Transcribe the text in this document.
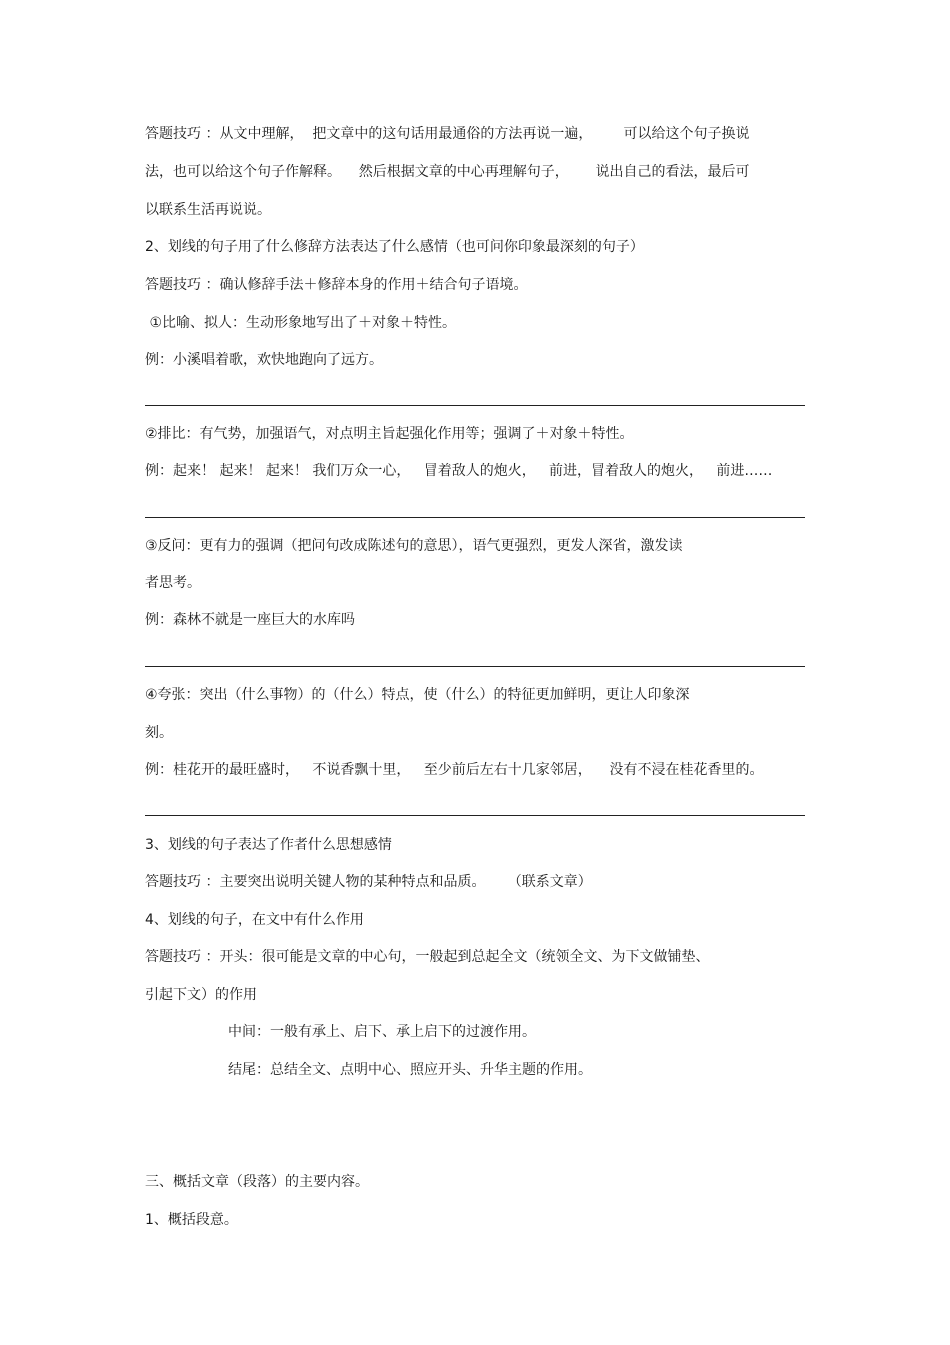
答题技巧 ：从文中理解，  把文章中的这句话用最通俗的方法再说一遍，       可以给这个句子换说
法，也可以给这个句子作解释。    然后根据文章的中心再理解句子，      说出自己的看法，最后可
以联系生活再说说。
2、划线的句子用了什么修辞方法表达了什么感情（也可问你印象最深刻的句子）
答题技巧 ：确认修辞手法＋修辞本身的作用＋结合句子语境。
①比喻、拟人：生动形象地写出了＋对象＋特性。
例：小溪唱着歌，欢快地跑向了远方。
②排比：有气势，加强语气，对点明主旨起强化作用等；强调了＋对象＋特性。
例：起来！ 起来！ 起来！ 我们万众一心，   冒着敌人的炮火，   前进，冒着敌人的炮火，   前进……
③反问：更有力的强调（把问句改成陈述句的意思），语气更强烈，更发人深省，激发读
者思考。
例：森林不就是一座巨大的水库吗
④夸张：突出（什么事物）的（什么）特点，使（什么）的特征更加鲜明，更让人印象深
刻。
例：桂花开的最旺盛时，   不说香飘十里，   至少前后左右十几家邻居，    没有不浸在桂花香里的。
3、划线的句子表达了作者什么思想感情
答题技巧 ：主要突出说明关键人物的某种特点和品质。     （联系文章）
4、划线的句子，在文中有什么作用
答题技巧 ：开头：很可能是文章的中心句，一般起到总起全文（统领全文、为下文做铺垫、
引起下文）的作用
中间：一般有承上、启下、承上启下的过渡作用。
结尾：总结全文、点明中心、照应开头、升华主题的作用。
三、概括文章（段落）的主要内容。
1、概括段意。
